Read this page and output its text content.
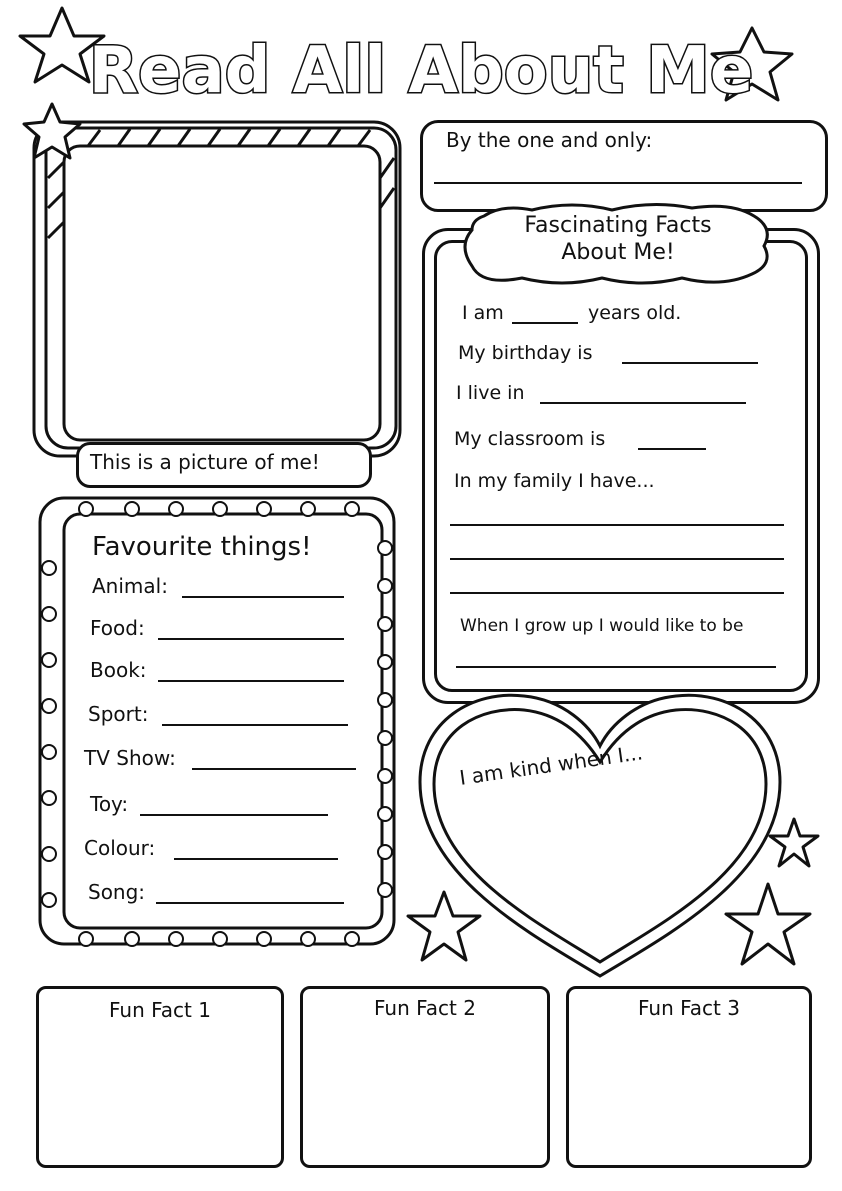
Read All About Me
This is a picture of me!
By the one and only:
Fascinating Facts
About Me!
I am	years old.
My birthday is
I live in
My classroom is
In my family I have...
When I grow up I would like to be
Favourite things!
Animal:
Food:
Book:
Sport:
TV Show:
Toy:
Colour:
Song:
I am kind when I...
Fun Fact 1	Fun Fact 2	Fun Fact 3
